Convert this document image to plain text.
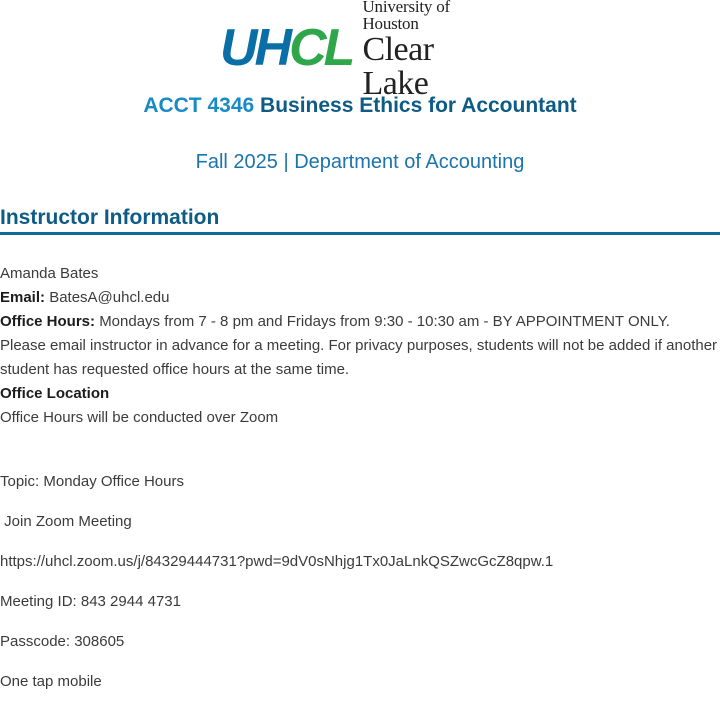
UH CL
University of Houston
Clear Lake
ACCT 4346 Business Ethics for Accountant
Fall 2025 | Department of Accounting
Instructor Information

Amanda Bates

Email: BatesA@uhcl.edu

Office Hours: Mondays from 7 - 8 pm and Fridays from 9:30 - 10:30 am - BY APPOINTMENT ONLY. Please email instructor in advance for a meeting. For privacy purposes, students will not be added if another student has requested office hours at the same time.

Office Location

Office Hours will be conducted over Zoom

Topic: Monday Office Hours

Join Zoom Meeting

https://uhcl.zoom.us/j/84329444731?pwd=9dV0sNhjg1Tx0JaLnkQSZwcGcZ8qpw.1

Meeting ID: 843 2944 4731

Passcode: 308605

One tap mobile
